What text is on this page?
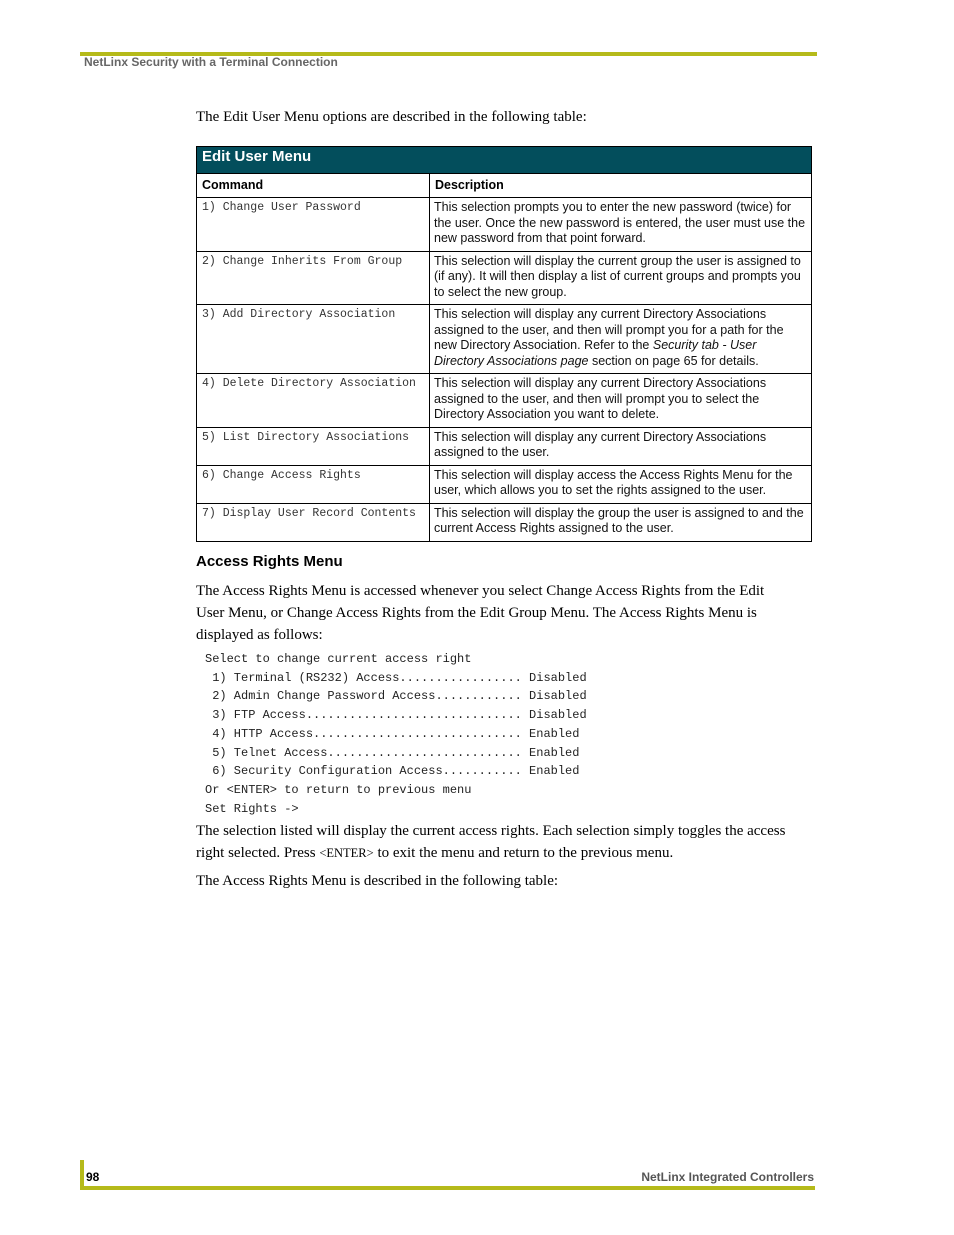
NetLinx Security with a Terminal Connection
The Edit User Menu options are described in the following table:
Edit User Menu	
Command	Description
1) Change User Password	This selection prompts you to enter the new password (twice) for the user. Once the new password is entered, the user must use the new password from that point forward.
2) Change Inherits From Group	This selection will display the current group the user is assigned to (if any). It will then display a list of current groups and prompts you to select the new group.
3) Add Directory Association	This selection will display any current Directory Associations assigned to the user, and then will prompt you for a path for the new Directory Association. Refer to the Security tab - User Directory Associations page section on page 65 for details.
4) Delete Directory Association	This selection will display any current Directory Associations assigned to the user, and then will prompt you to select the Directory Association you want to delete.
5) List Directory Associations	This selection will display any current Directory Associations assigned to the user.
6) Change Access Rights	This selection will display access the Access Rights Menu for the user, which allows you to set the rights assigned to the user.
7) Display User Record Contents	This selection will display the group the user is assigned to and the current Access Rights assigned to the user.
Access Rights Menu
The Access Rights Menu is accessed whenever you select Change Access Rights from the Edit User Menu, or Change Access Rights from the Edit Group Menu. The Access Rights Menu is displayed as follows:
Select to change current access right
1) Terminal (RS232) Access................. Disabled
2) Admin Change Password Access............ Disabled
3) FTP Access.............................. Disabled
4) HTTP Access............................. Enabled
5) Telnet Access........................... Enabled
6) Security Configuration Access........... Enabled
Or <ENTER> to return to previous menu
Set Rights ->
The selection listed will display the current access rights. Each selection simply toggles the access right selected. Press <ENTER> to exit the menu and return to the previous menu.
The Access Rights Menu is described in the following table:
98	NetLinx Integrated Controllers
